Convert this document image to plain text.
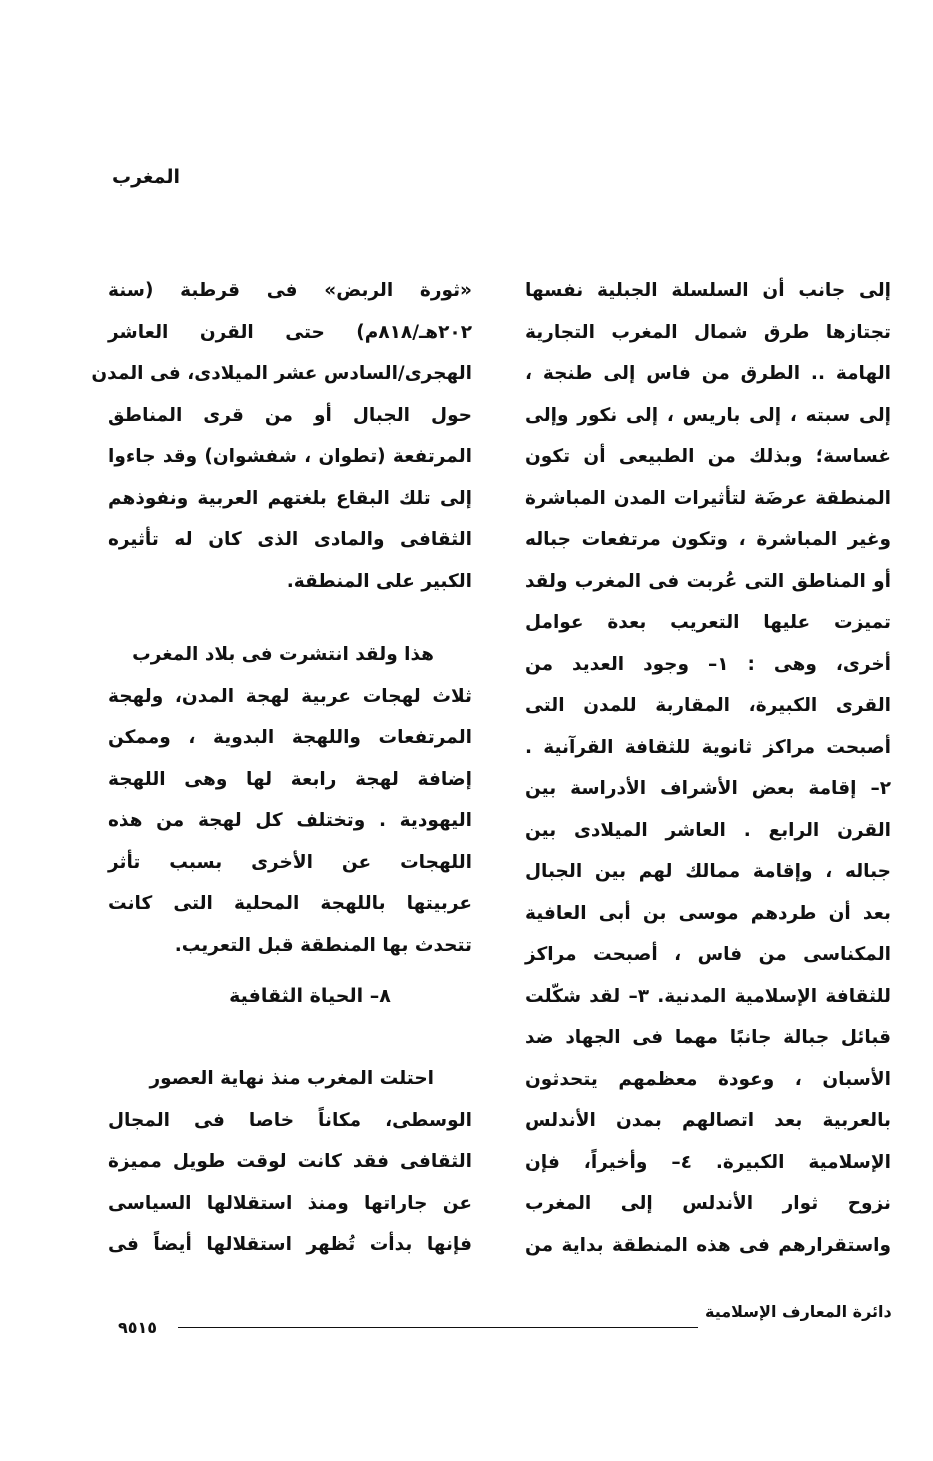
المغرب
إلى جانب أن السلسلة الجبلية نفسها
تجتازها طرق شمال المغرب التجارية
الهامة .. الطرق من فاس إلى طنجة ،
إلى سبته ، إلى باريس ، إلى نكور وإلى
غساسة؛ وبذلك من الطبيعى أن تكون
المنطقة عرضَة لتأثيرات المدن المباشرة
وغير المباشرة ، وتكون مرتفعات جباله
أو المناطق التى عُربت فى المغرب ولقد
تميزت عليها التعريب بعدة عوامل
أخرى، وهى : ١– وجود العديد من
القرى الكبيرة، المقاربة للمدن التى
أصبحت مراكز ثانوية للثقافة القرآنية .
٢– إقامة بعض الأشراف الأدراسة بين
القرن الرابع . العاشر الميلادى بين
جباله ، وإقامة ممالك لهم بين الجبال
بعد أن طردهم موسى بن أبى العافية
المكناسى من فاس ، أصبحت مراكز
للثقافة الإسلامية المدنية. ٣– لقد شكّلت
قبائل جبالة جانبًا مهما فى الجهاد ضد
الأسبان ، وعودة معظمهم يتحدثون
بالعربية بعد اتصالهم بمدن الأندلس
الإسلامية الكبيرة. ٤– وأخيراً، فإن
نزوح ثوار الأندلس إلى المغرب
واستقرارهم فى هذه المنطقة بداية من
«ثورة الربض» فى قرطبة (سنة
٢٠٢هـ/٨١٨م) حتى القرن العاشر
الهجرى/السادس عشر الميلادى، فى المدن
حول الجبال أو من قرى المناطق
المرتفعة (تطوان ، شفشوان) وقد جاءوا
إلى تلك البقاع بلغتهم العربية ونفوذهم
الثقافى والمادى الذى كان له تأثيره
الكبير على المنطقة.
هذا ولقد انتشرت فى بلاد المغرب
ثلاث لهجات عربية لهجة المدن، ولهجة
المرتفعات واللهجة البدوية ، وممكن
إضافة لهجة رابعة لها وهى اللهجة
اليهودية . وتختلف كل لهجة من هذه
اللهجات عن الأخرى بسبب تأثر
عربيتها باللهجة المحلية التى كانت
تتحدث بها المنطقة قبل التعريب.
٨– الحياة الثقافية
احتلت المغرب منذ نهاية العصور
الوسطى، مكاناً خاصا فى المجال
الثقافى فقد كانت لوقت طويل مميزة
عن جاراتها ومنذ استقلالها السياسى
فإنها بدأت تُظهر استقلالها أيضاً فى
دائرة المعارف الإسلامية
٩٥١٥
